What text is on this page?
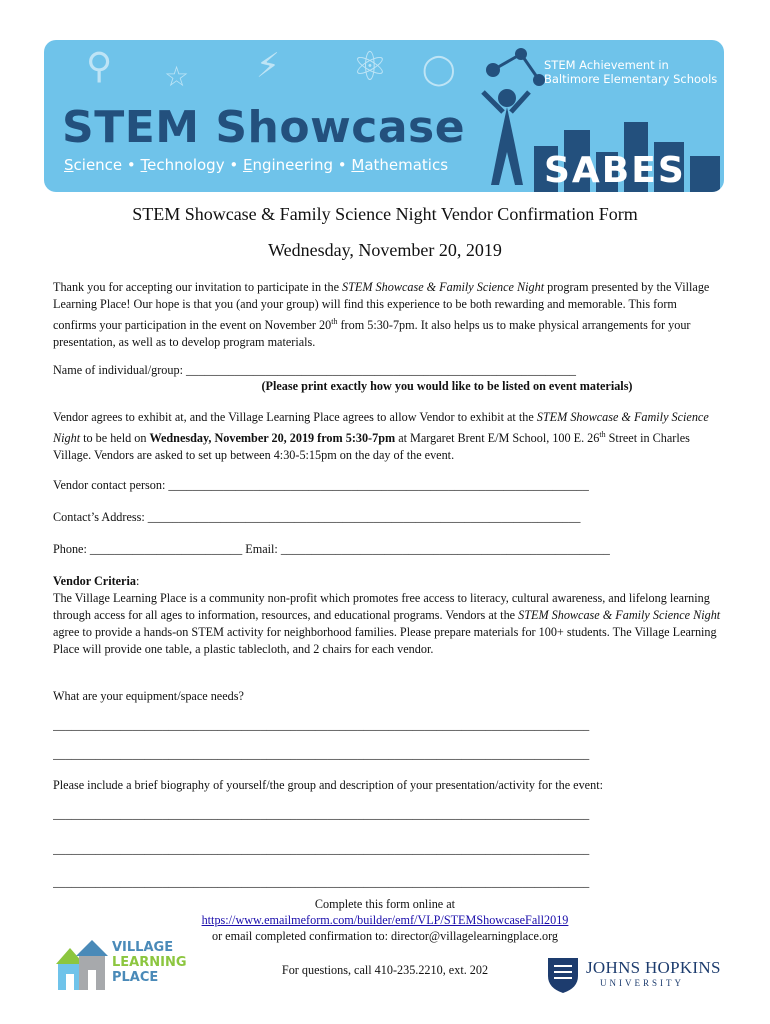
⚲ ☆ ⚡ ⚛ ◯
STEM Showcase
Science • Technology • Engineering • Mathematics
STEM Achievement in
Baltimore Elementary Schools
SABES
STEM Showcase & Family Science Night Vendor Confirmation Form
Wednesday, November 20, 2019

Thank you for accepting our invitation to participate in the STEM Showcase & Family Science Night program presented by the Village Learning Place! Our hope is that you (and your group) will find this experience to be both rewarding and memorable. This form confirms your participation in the event on November 20th from 5:30-7pm. It also helps us to make physical arrangements for your presentation, as well as to develop program materials.

Name of individual/group: ________________________________________________________________
(Please print exactly how you would like to be listed on event materials)

Vendor agrees to exhibit at, and the Village Learning Place agrees to allow Vendor to exhibit at the STEM Showcase & Family Science Night to be held on Wednesday, November 20, 2019 from 5:30-7pm at Margaret Brent E/M School, 100 E. 26th Street in Charles Village. Vendors are asked to set up between 4:30-5:15pm on the day of the event.

Vendor contact person: _____________________________________________________________________
Contact’s Address: _______________________________________________________________________
Phone: _________________________ Email: ______________________________________________________

Vendor Criteria:
The Village Learning Place is a community non-profit which promotes free access to literacy, cultural awareness, and lifelong learning through access for all ages to information, resources, and educational programs. Vendors at the STEM Showcase & Family Science Night agree to provide a hands-on STEM activity for neighborhood families. Please prepare materials for 100+ students. The Village Learning Place will provide one table, a plastic tablecloth, and 2 chairs for each vendor.

What are your equipment/space needs?
________________________________________________________________________________________
________________________________________________________________________________________
Please include a brief biography of yourself/the group and description of your presentation/activity for the event:
________________________________________________________________________________________
________________________________________________________________________________________
________________________________________________________________________________________
Complete this form online at
https://www.emailmeform.com/builder/emf/VLP/STEMShowcaseFall2019
or email completed confirmation to: director@villagelearningplace.org
For questions, call 410-235.2210, ext. 202
VILLAGE
LEARNING
PLACE
JOHNS HOPKINS
UNIVERSITY
